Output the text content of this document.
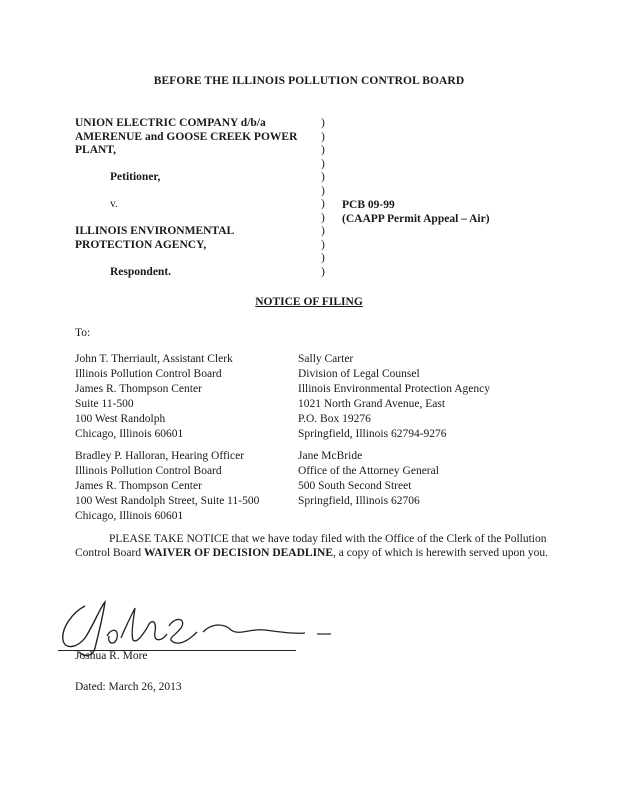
BEFORE THE ILLINOIS POLLUTION CONTROL BOARD
UNION ELECTRIC COMPANY d/b/a
AMERENUE and GOOSE CREEK POWER
PLANT,
Petitioner,
v.
ILLINOIS ENVIRONMENTAL
PROTECTION AGENCY,
Respondent.
)
)
)
)
)
)
)
)
)
)
)
)
PCB 09-99
(CAAPP Permit Appeal – Air)
NOTICE OF FILING
To:
John T. Therriault, Assistant Clerk
Illinois Pollution Control Board
James R. Thompson Center
Suite 11-500
100 West Randolph
Chicago, Illinois 60601
Sally Carter
Division of Legal Counsel
Illinois Environmental Protection Agency
1021 North Grand Avenue, East
P.O. Box 19276
Springfield, Illinois 62794-9276
Bradley P. Halloran, Hearing Officer
Illinois Pollution Control Board
James R. Thompson Center
100 West Randolph Street, Suite 11-500
Chicago, Illinois 60601
Jane McBride
Office of the Attorney General
500 South Second Street
Springfield, Illinois 62706
PLEASE TAKE NOTICE that we have today filed with the Office of the Clerk of the Pollution Control Board WAIVER OF DECISION DEADLINE, a copy of which is herewith served upon you.
Joshua R. More
Dated: March 26, 2013
